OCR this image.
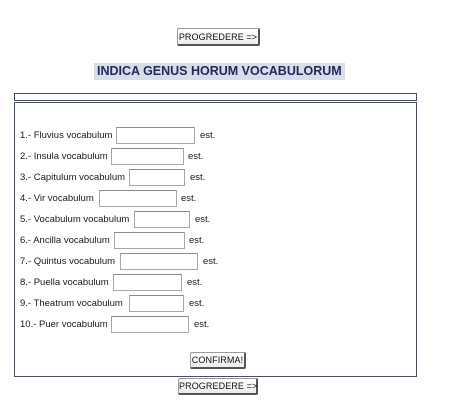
PROGREDERE =>
INDICA GENUS HORUM VOCABULORUM
1.- Fluvius vocabulum	est.
2.- Insula vocabulum	est.
3.- Capitulum vocabulum	est.
4.- Vir vocabulum	est.
5.- Vocabulum vocabulum	est.
6.- Ancilla vocabulum	est.
7.- Quintus vocabulum	est.
8.- Puella vocabulum	est.
9.- Theatrum vocabulum	est.
10.- Puer vocabulum	est.
CONFIRMA!
PROGREDERE =>
